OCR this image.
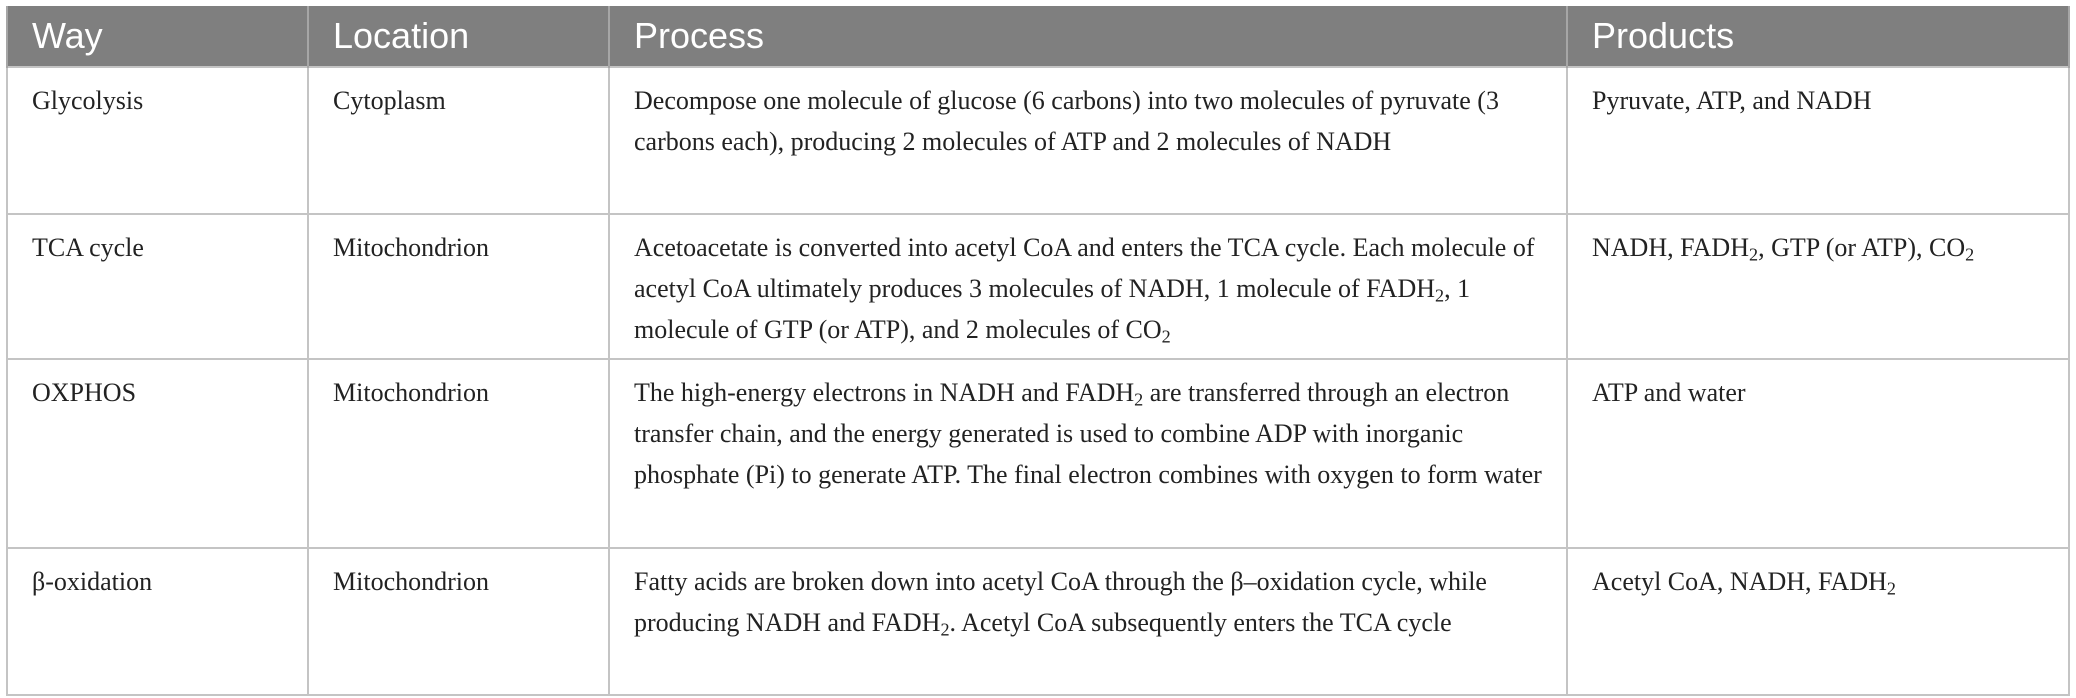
Way	Location	Process	Products
Glycolysis	Cytoplasm	Decompose one molecule of glucose (6 carbons) into two molecules of pyruvate (3 carbons each), producing 2 molecules of ATP and 2 molecules of NADH	Pyruvate, ATP, and NADH
TCA cycle	Mitochondrion	Acetoacetate is converted into acetyl CoA and enters the TCA cycle. Each molecule of acetyl CoA ultimately produces 3 molecules of NADH, 1 molecule of $FADH_2$, 1 molecule of GTP (or ATP), and 2 molecules of $CO_2$	NADH, $FADH_2$, GTP (or ATP), $CO_2$
OXPHOS	Mitochondrion	The high-energy electrons in NADH and $FADH_2$ are transferred through an electron transfer chain, and the energy generated is used to combine ADP with inorganic phosphate (Pi) to generate ATP. The final electron combines with oxygen to form water	ATP and water
β-oxidation	Mitochondrion	Fatty acids are broken down into acetyl CoA through the β–oxidation cycle, while producing NADH and $FADH_2$. Acetyl CoA subsequently enters the TCA cycle	Acetyl CoA, NADH, $FADH_2$
